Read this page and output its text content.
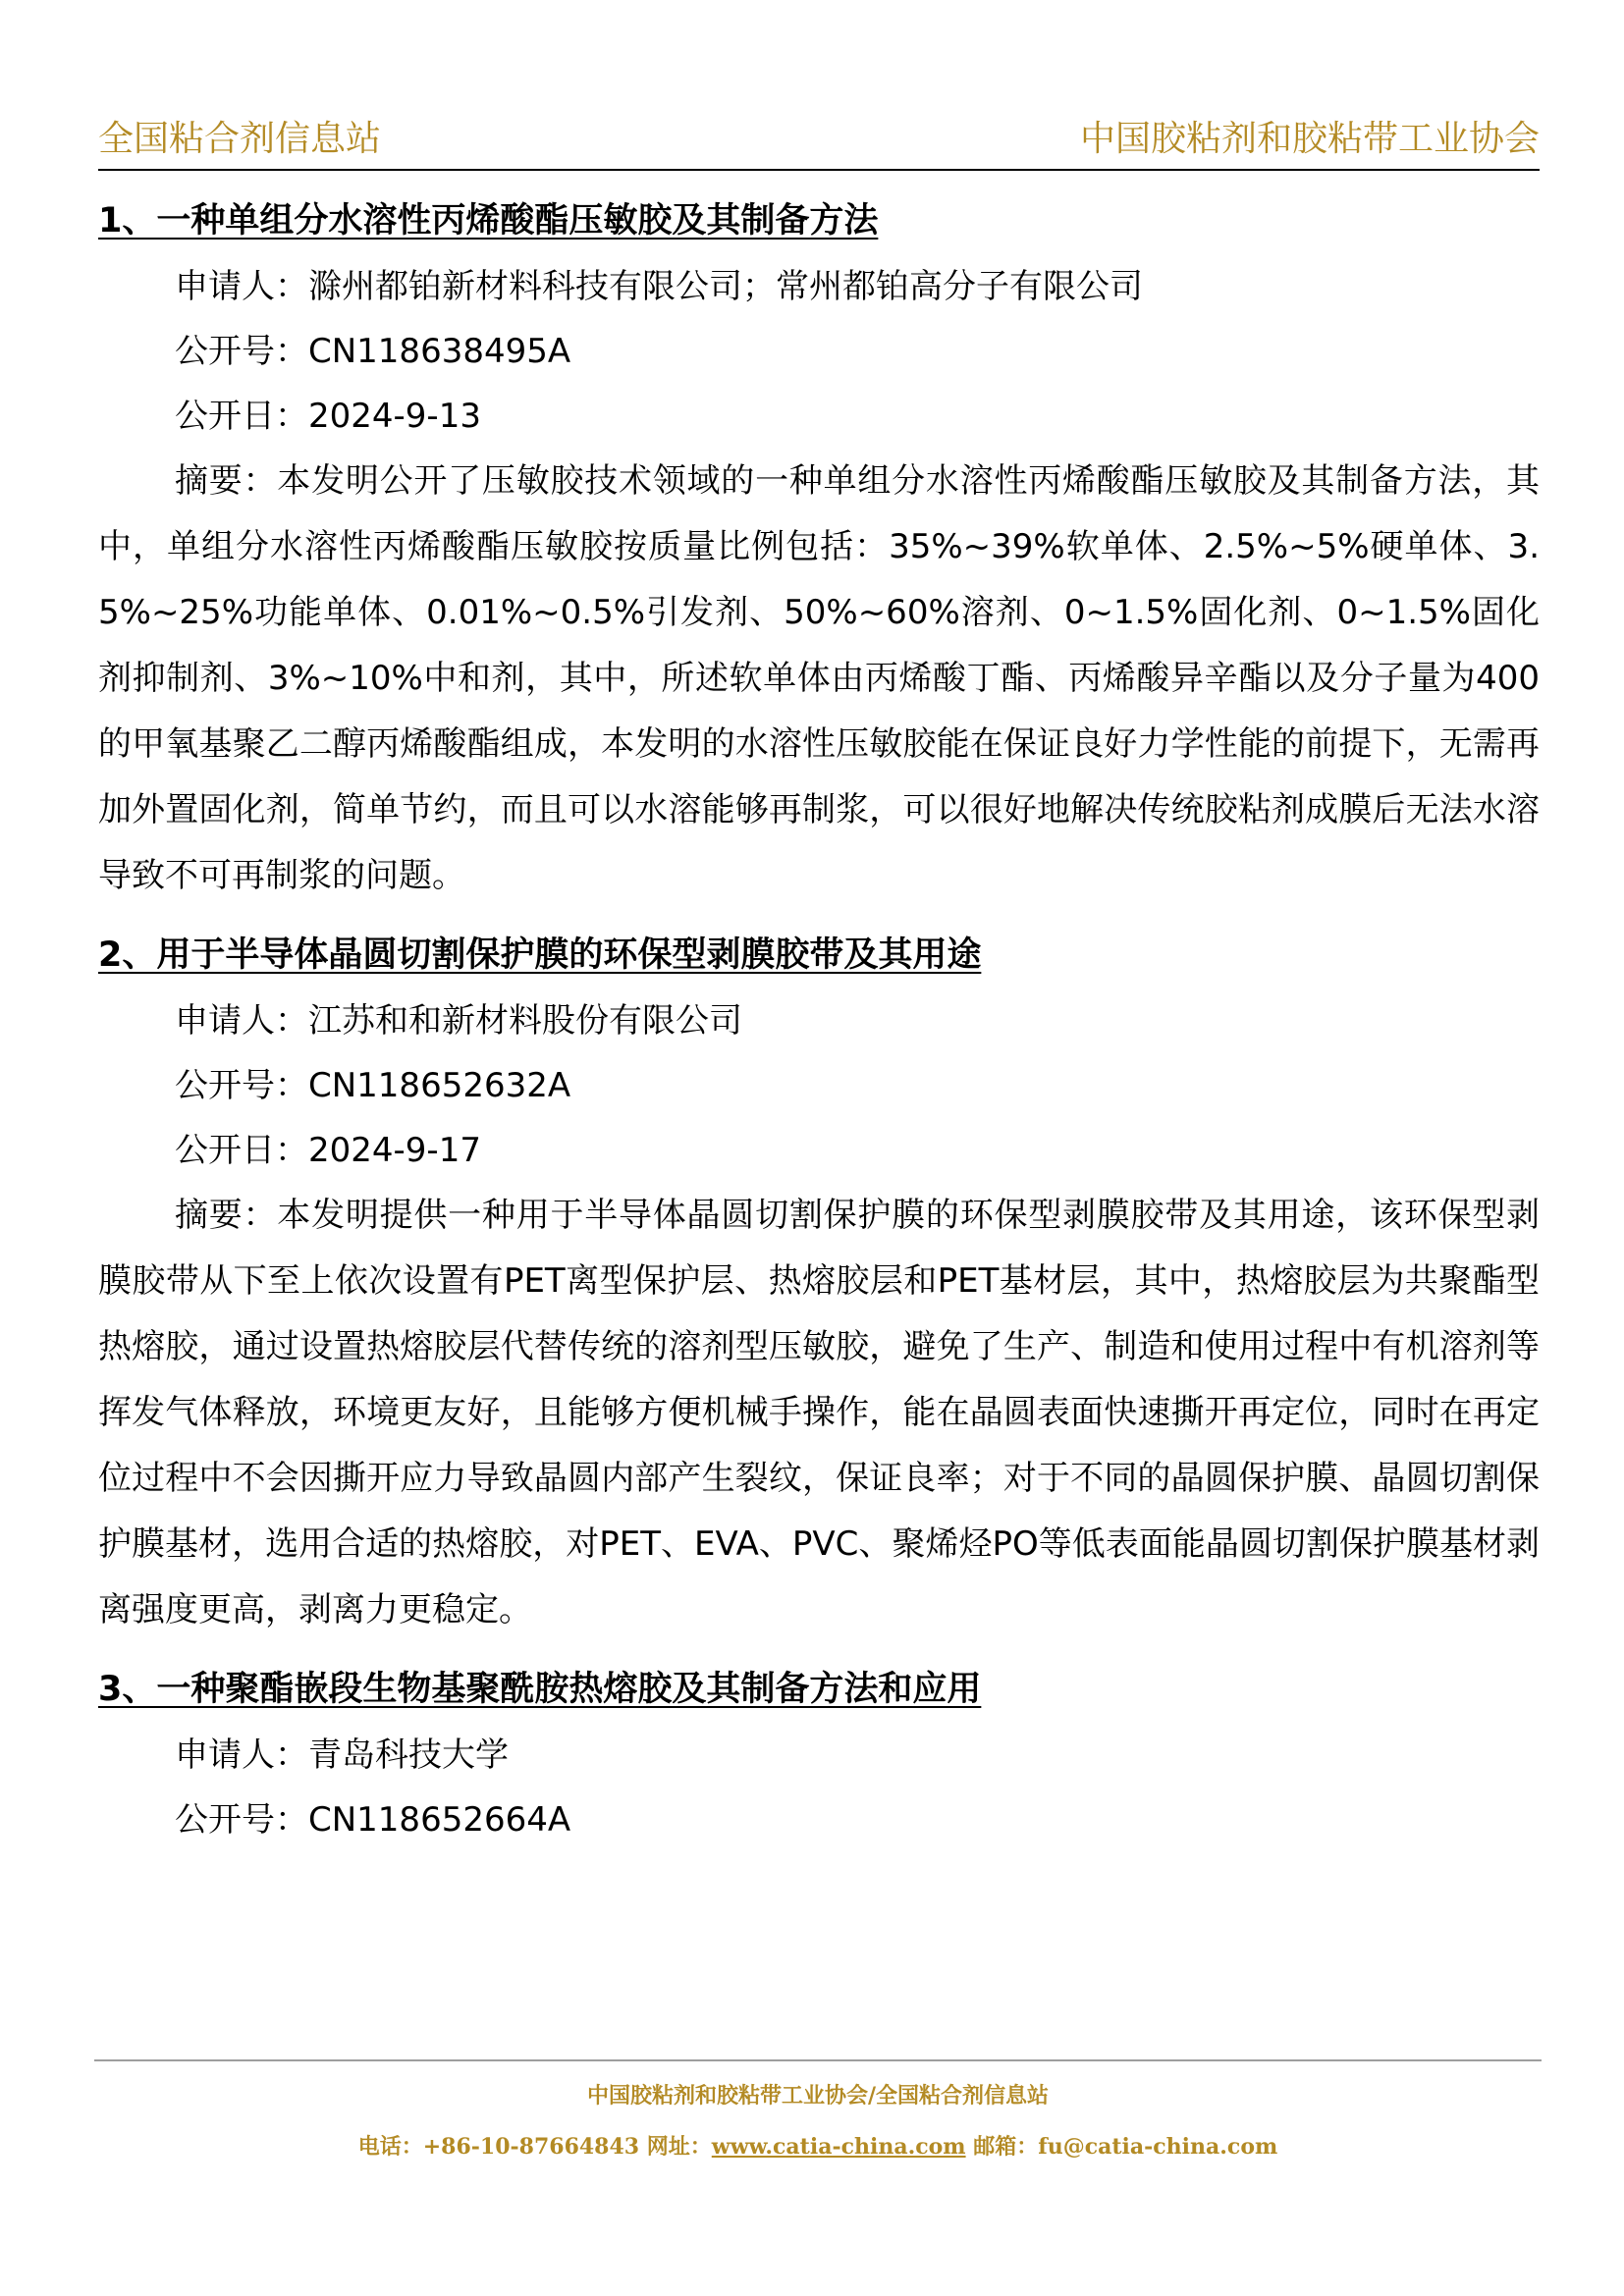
全国粘合剂信息站	中国胶粘剂和胶粘带工业协会

1、一种单组分水溶性丙烯酸酯压敏胶及其制备方法

申请人：滁州都铂新材料科技有限公司；常州都铂高分子有限公司

公开号：CN118638495A

公开日：2024-9-13

摘要：本发明公开了压敏胶技术领域的一种单组分水溶性丙烯酸酯压敏胶及其制备方法，其中，单组分水溶性丙烯酸酯压敏胶按质量比例包括：35%~39%软单体、2.5%~5%硬单体、3.5%~25%功能单体、0.01%~0.5%引发剂、50%~60%溶剂、0~1.5%固化剂、0~1.5%固化剂抑制剂、3%~10%中和剂，其中，所述软单体由丙烯酸丁酯、丙烯酸异辛酯以及分子量为400的甲氧基聚乙二醇丙烯酸酯组成，本发明的水溶性压敏胶能在保证良好力学性能的前提下，无需再加外置固化剂，简单节约，而且可以水溶能够再制浆，可以很好地解决传统胶粘剂成膜后无法水溶导致不可再制浆的问题。

2、用于半导体晶圆切割保护膜的环保型剥膜胶带及其用途

申请人：江苏和和新材料股份有限公司

公开号：CN118652632A

公开日：2024-9-17

摘要：本发明提供一种用于半导体晶圆切割保护膜的环保型剥膜胶带及其用途，该环保型剥膜胶带从下至上依次设置有PET离型保护层、热熔胶层和PET基材层，其中，热熔胶层为共聚酯型热熔胶，通过设置热熔胶层代替传统的溶剂型压敏胶，避免了生产、制造和使用过程中有机溶剂等挥发气体释放，环境更友好，且能够方便机械手操作，能在晶圆表面快速撕开再定位，同时在再定位过程中不会因撕开应力导致晶圆内部产生裂纹，保证良率；对于不同的晶圆保护膜、晶圆切割保护膜基材，选用合适的热熔胶，对PET、EVA、PVC、聚烯烃PO等低表面能晶圆切割保护膜基材剥离强度更高，剥离力更稳定。

3、一种聚酯嵌段生物基聚酰胺热熔胶及其制备方法和应用

申请人：青岛科技大学

公开号：CN118652664A

中国胶粘剂和胶粘带工业协会/全国粘合剂信息站
电话：+86-10-87664843 网址：www.catia-china.com 邮箱：fu@catia-china.com
